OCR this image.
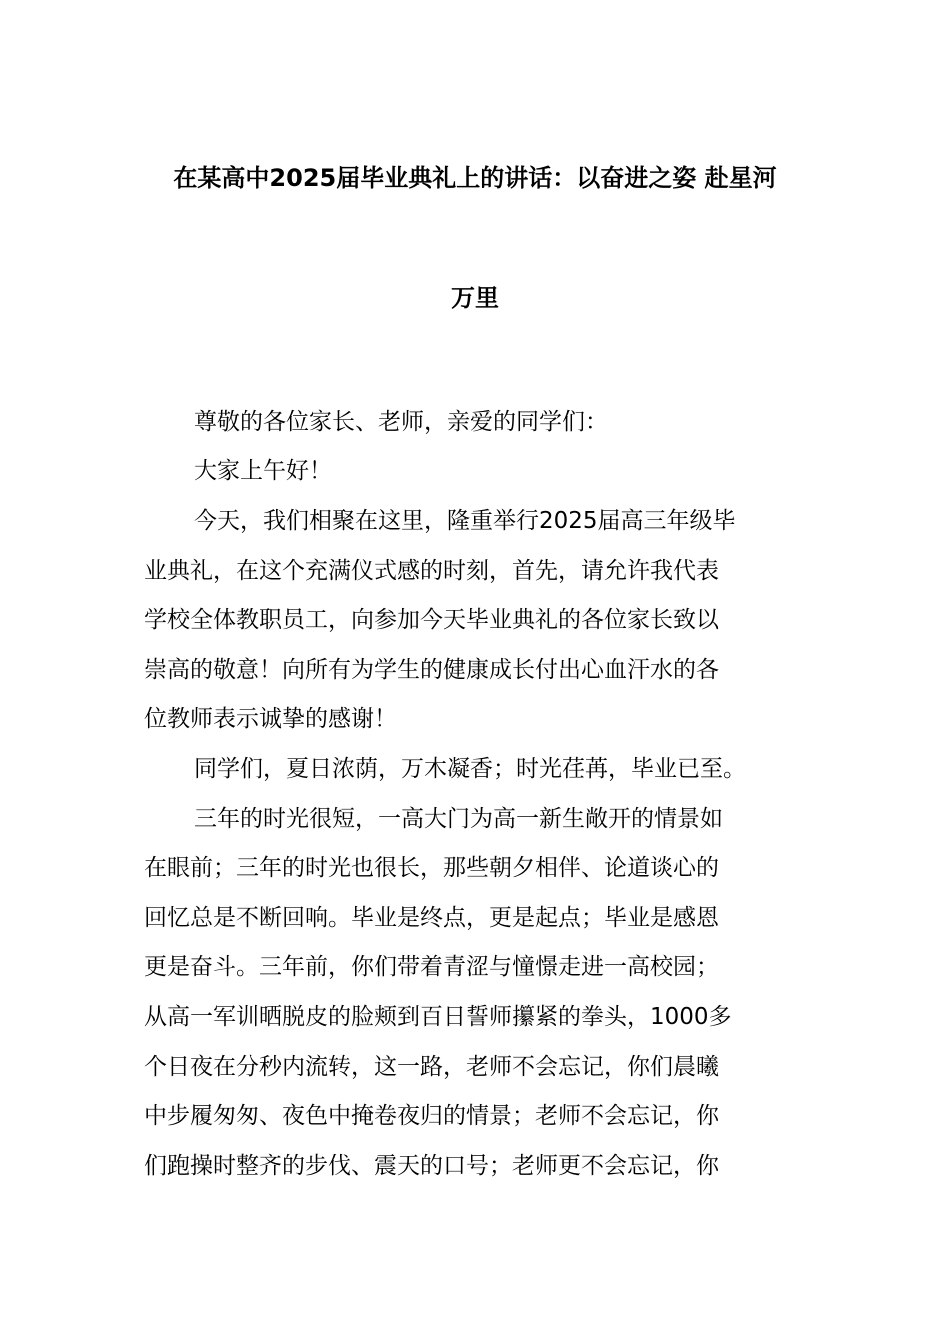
在某高中2025届毕业典礼上的讲话：以奋进之姿 赴星河
万里
尊敬的各位家长、老师，亲爱的同学们：
大家上午好！
今天，我们相聚在这里，隆重举行2025届高三年级毕
业典礼，在这个充满仪式感的时刻，首先，请允许我代表
学校全体教职员工，向参加今天毕业典礼的各位家长致以
崇高的敬意！向所有为学生的健康成长付出心血汗水的各
位教师表示诚挚的感谢！
同学们，夏日浓荫，万木凝香；时光荏苒，毕业已至。
三年的时光很短，一高大门为高一新生敞开的情景如
在眼前；三年的时光也很长，那些朝夕相伴、论道谈心的
回忆总是不断回响。毕业是终点，更是起点；毕业是感恩
更是奋斗。三年前，你们带着青涩与憧憬走进一高校园；
从高一军训晒脱皮的脸颊到百日誓师攥紧的拳头，1000多
个日夜在分秒内流转，这一路，老师不会忘记，你们晨曦
中步履匆匆、夜色中掩卷夜归的情景；老师不会忘记，你
们跑操时整齐的步伐、震天的口号；老师更不会忘记，你
